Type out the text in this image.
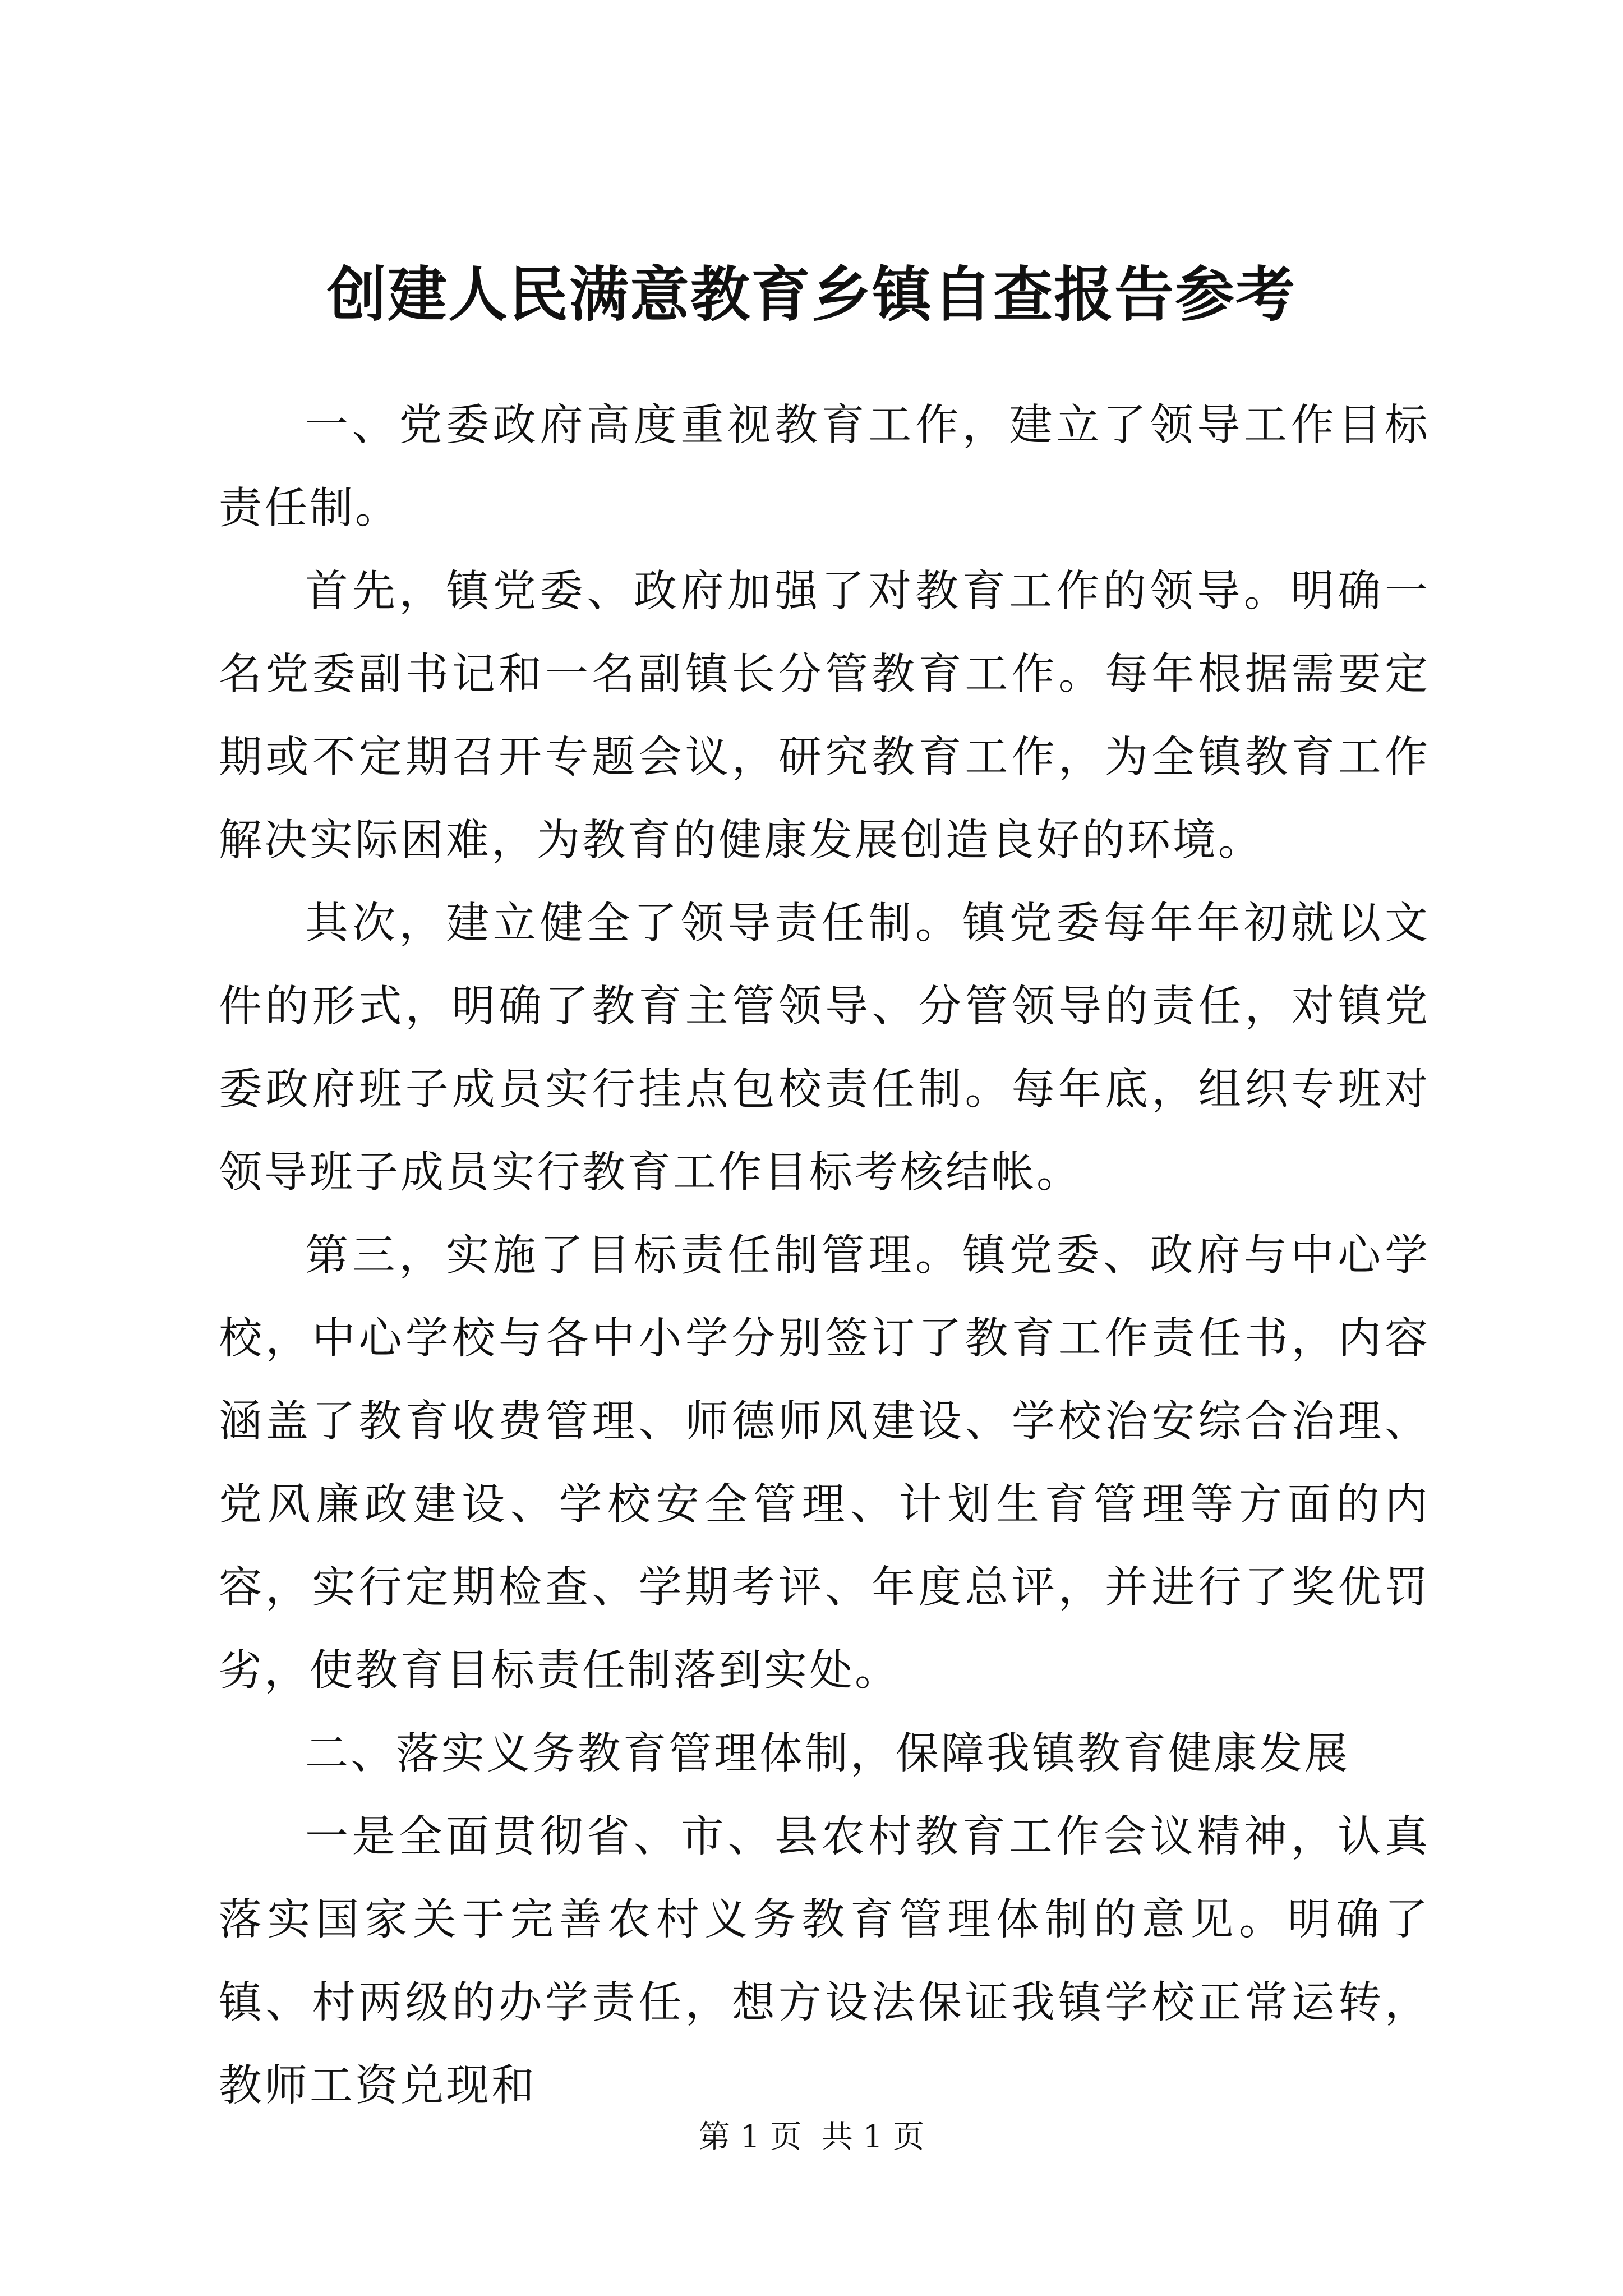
创建人民满意教育乡镇自查报告参考

一、党委政府高度重视教育工作，建立了领导工作目标责任制。

首先，镇党委、政府加强了对教育工作的领导。明确一名党委副书记和一名副镇长分管教育工作。每年根据需要定期或不定期召开专题会议，研究教育工作，为全镇教育工作解决实际困难，为教育的健康发展创造良好的环境。

其次，建立健全了领导责任制。镇党委每年年初就以文件的形式，明确了教育主管领导、分管领导的责任，对镇党委政府班子成员实行挂点包校责任制。每年底，组织专班对领导班子成员实行教育工作目标考核结帐。

第三，实施了目标责任制管理。镇党委、政府与中心学校，中心学校与各中小学分别签订了教育工作责任书，内容涵盖了教育收费管理、师德师风建设、学校治安综合治理、党风廉政建设、学校安全管理、计划生育管理等方面的内容，实行定期检查、学期考评、年度总评，并进行了奖优罚劣，使教育目标责任制落到实处。

二、落实义务教育管理体制，保障我镇教育健康发展

一是全面贯彻省、市、县农村教育工作会议精神，认真落实国家关于完善农村义务教育管理体制的意见。明确了镇、村两级的办学责任，想方设法保证我镇学校正常运转，教师工资兑现和

第 1 页  共 1 页
